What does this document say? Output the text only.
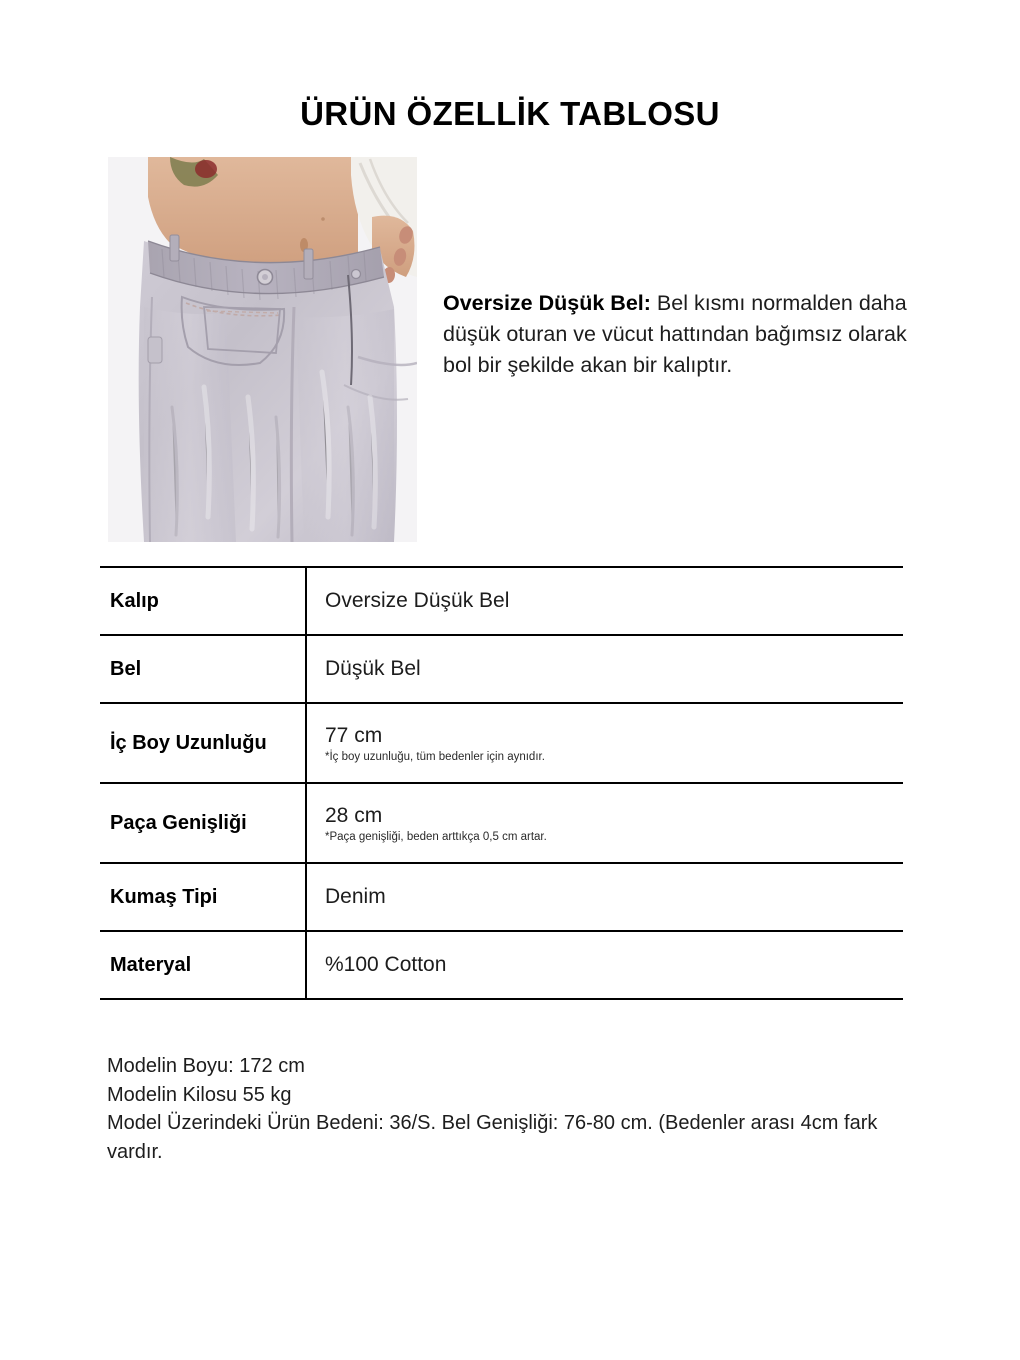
ÜRÜN ÖZELLİK TABLOSU
Oversize Düşük Bel: Bel kısmı normalden daha düşük oturan ve vücut hattından bağımsız olarak bol bir şekilde akan bir kalıptır.
Kalıp	Oversize Düşük Bel
Bel	Düşük Bel
İç Boy Uzunluğu	77 cm
*İç boy uzunluğu, tüm bedenler için aynıdır.
Paça Genişliği	28 cm
*Paça genişliği, beden arttıkça 0,5 cm artar.
Kumaş Tipi	Denim
Materyal	%100 Cotton
Modelin Boyu: 172 cm
Modelin Kilosu 55 kg
Model Üzerindeki Ürün Bedeni: 36/S. Bel Genişliği: 76-80 cm. (Bedenler arası 4cm fark vardır.
